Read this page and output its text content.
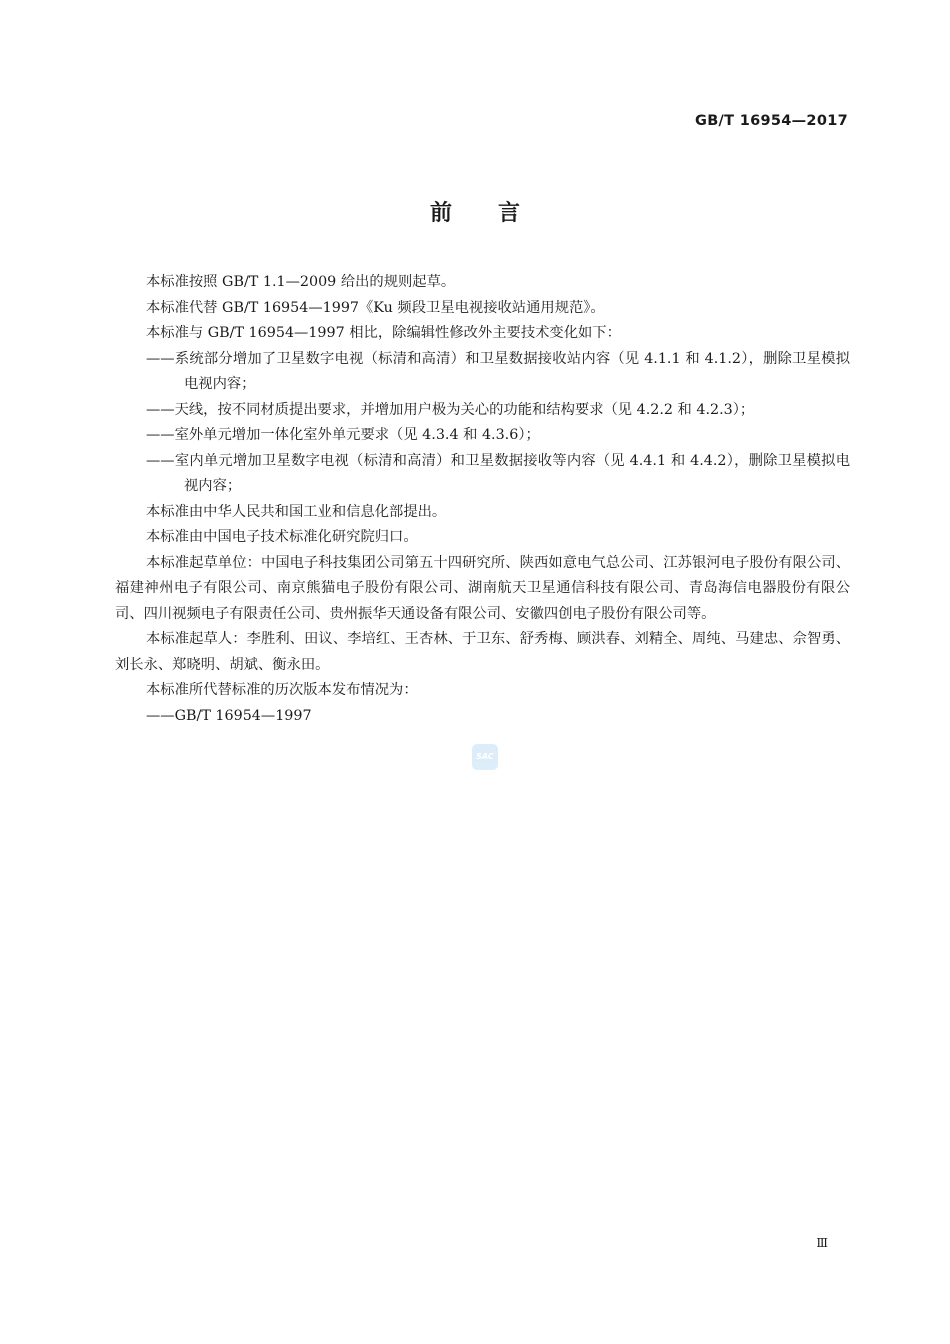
GB/T 16954—2017
前言

本标准按照 GB/T 1.1—2009 给出的规则起草。

本标准代替 GB/T 16954—1997《Ku 频段卫星电视接收站通用规范》。

本标准与 GB/T 16954—1997 相比，除编辑性修改外主要技术变化如下：

——系统部分增加了卫星数字电视（标清和高清）和卫星数据接收站内容（见 4.1.1 和 4.1.2），删除卫星模拟电视内容；

——天线，按不同材质提出要求，并增加用户极为关心的功能和结构要求（见 4.2.2 和 4.2.3）；

——室外单元增加一体化室外单元要求（见 4.3.4 和 4.3.6）；

——室内单元增加卫星数字电视（标清和高清）和卫星数据接收等内容（见 4.4.1 和 4.4.2），删除卫星模拟电视内容；

本标准由中华人民共和国工业和信息化部提出。

本标准由中国电子技术标准化研究院归口。

本标准起草单位：中国电子科技集团公司第五十四研究所、陕西如意电气总公司、江苏银河电子股份有限公司、福建神州电子有限公司、南京熊猫电子股份有限公司、湖南航天卫星通信科技有限公司、青岛海信电器股份有限公司、四川视频电子有限责任公司、贵州振华天通设备有限公司、安徽四创电子股份有限公司等。

本标准起草人：李胜利、田议、李培红、王杏林、于卫东、舒秀梅、顾洪春、刘精全、周纯、马建忠、佘智勇、刘长永、郑晓明、胡斌、衡永田。

本标准所代替标准的历次版本发布情况为：

——GB/T 16954—1997

SAC
Ⅲ
